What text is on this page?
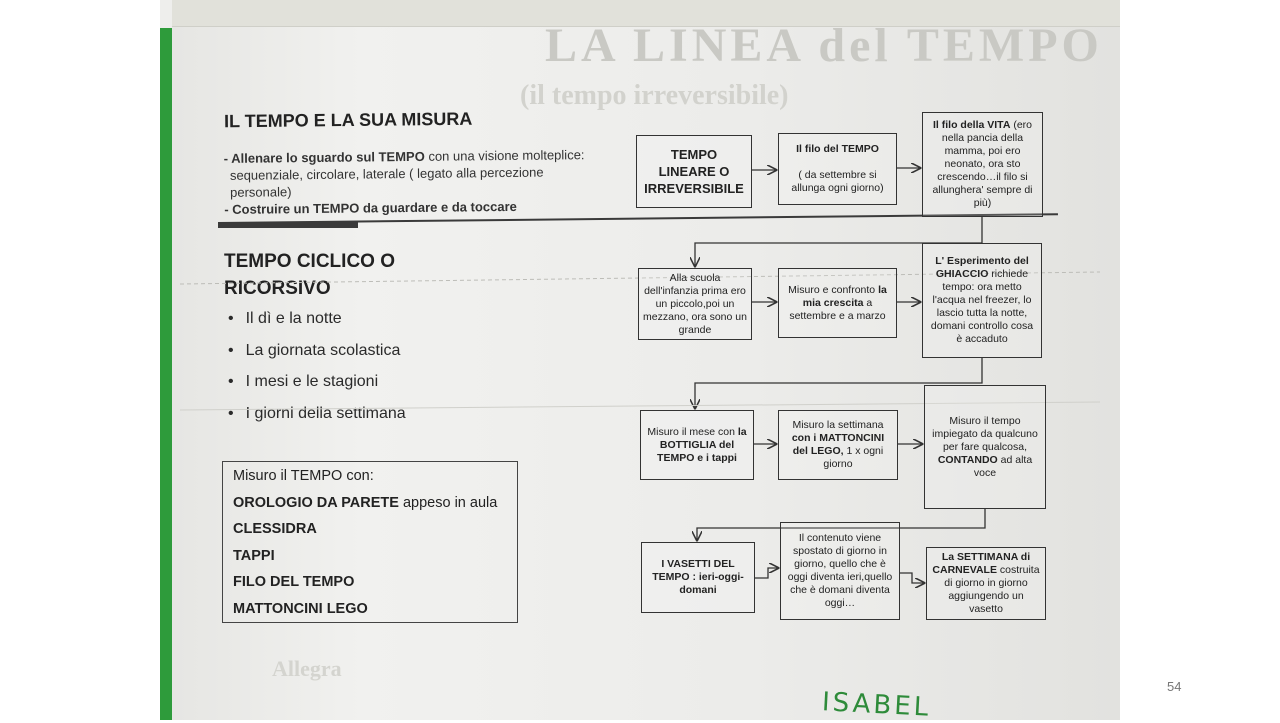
LA LINEA del TEMPO
(il tempo irreversibile)
Allegra
IL TEMPO E LA SUA MISURA
- Allenare lo sguardo sul TEMPO con una visione molteplice:
sequenziale, circolare, laterale ( legato alla percezione
personale)
- Costruire un TEMPO da guardare e da toccare
TEMPO CICLICO O RICORSIVO
• Il dì e la notte
• La giornata scolastica
• I mesi e le stagioni
• I giorni della settimana
Misuro il TEMPO con:
OROLOGIO DA PARETE appeso in aula
CLESSIDRA
TAPPI
FILO DEL TEMPO
MATTONCINI LEGO
TEMPO LINEARE O IRREVERSIBILE
Il filo del TEMPO

( da settembre si allunga ogni giorno)
Il filo della VITA (ero nella pancia della mamma, poi ero neonato, ora sto crescendo…il filo si allunghera' sempre di più)
Alla scuola dell'infanzia prima ero un piccolo,poi un mezzano, ora sono un grande
Misuro e confronto la mia crescita a settembre e a marzo
L' Esperimento del GHIACCIO richiede tempo: ora metto l'acqua nel freezer, lo lascio tutta la notte, domani controllo cosa è accaduto
Misuro il mese con la BOTTIGLIA del TEMPO e i tappi
Misuro la settimana con i MATTONCINI del LEGO, 1 x ogni giorno
Misuro il tempo impiegato da qualcuno per fare qualcosa, CONTANDO ad alta voce
I VASETTI DEL TEMPO : ieri-oggi-domani
Il contenuto viene spostato di giorno in giorno, quello che è oggi diventa ieri,quello che è domani diventa oggi…
La SETTIMANA di CARNEVALE costruita di giorno in giorno aggiungendo un vasetto
54
ISABEL
